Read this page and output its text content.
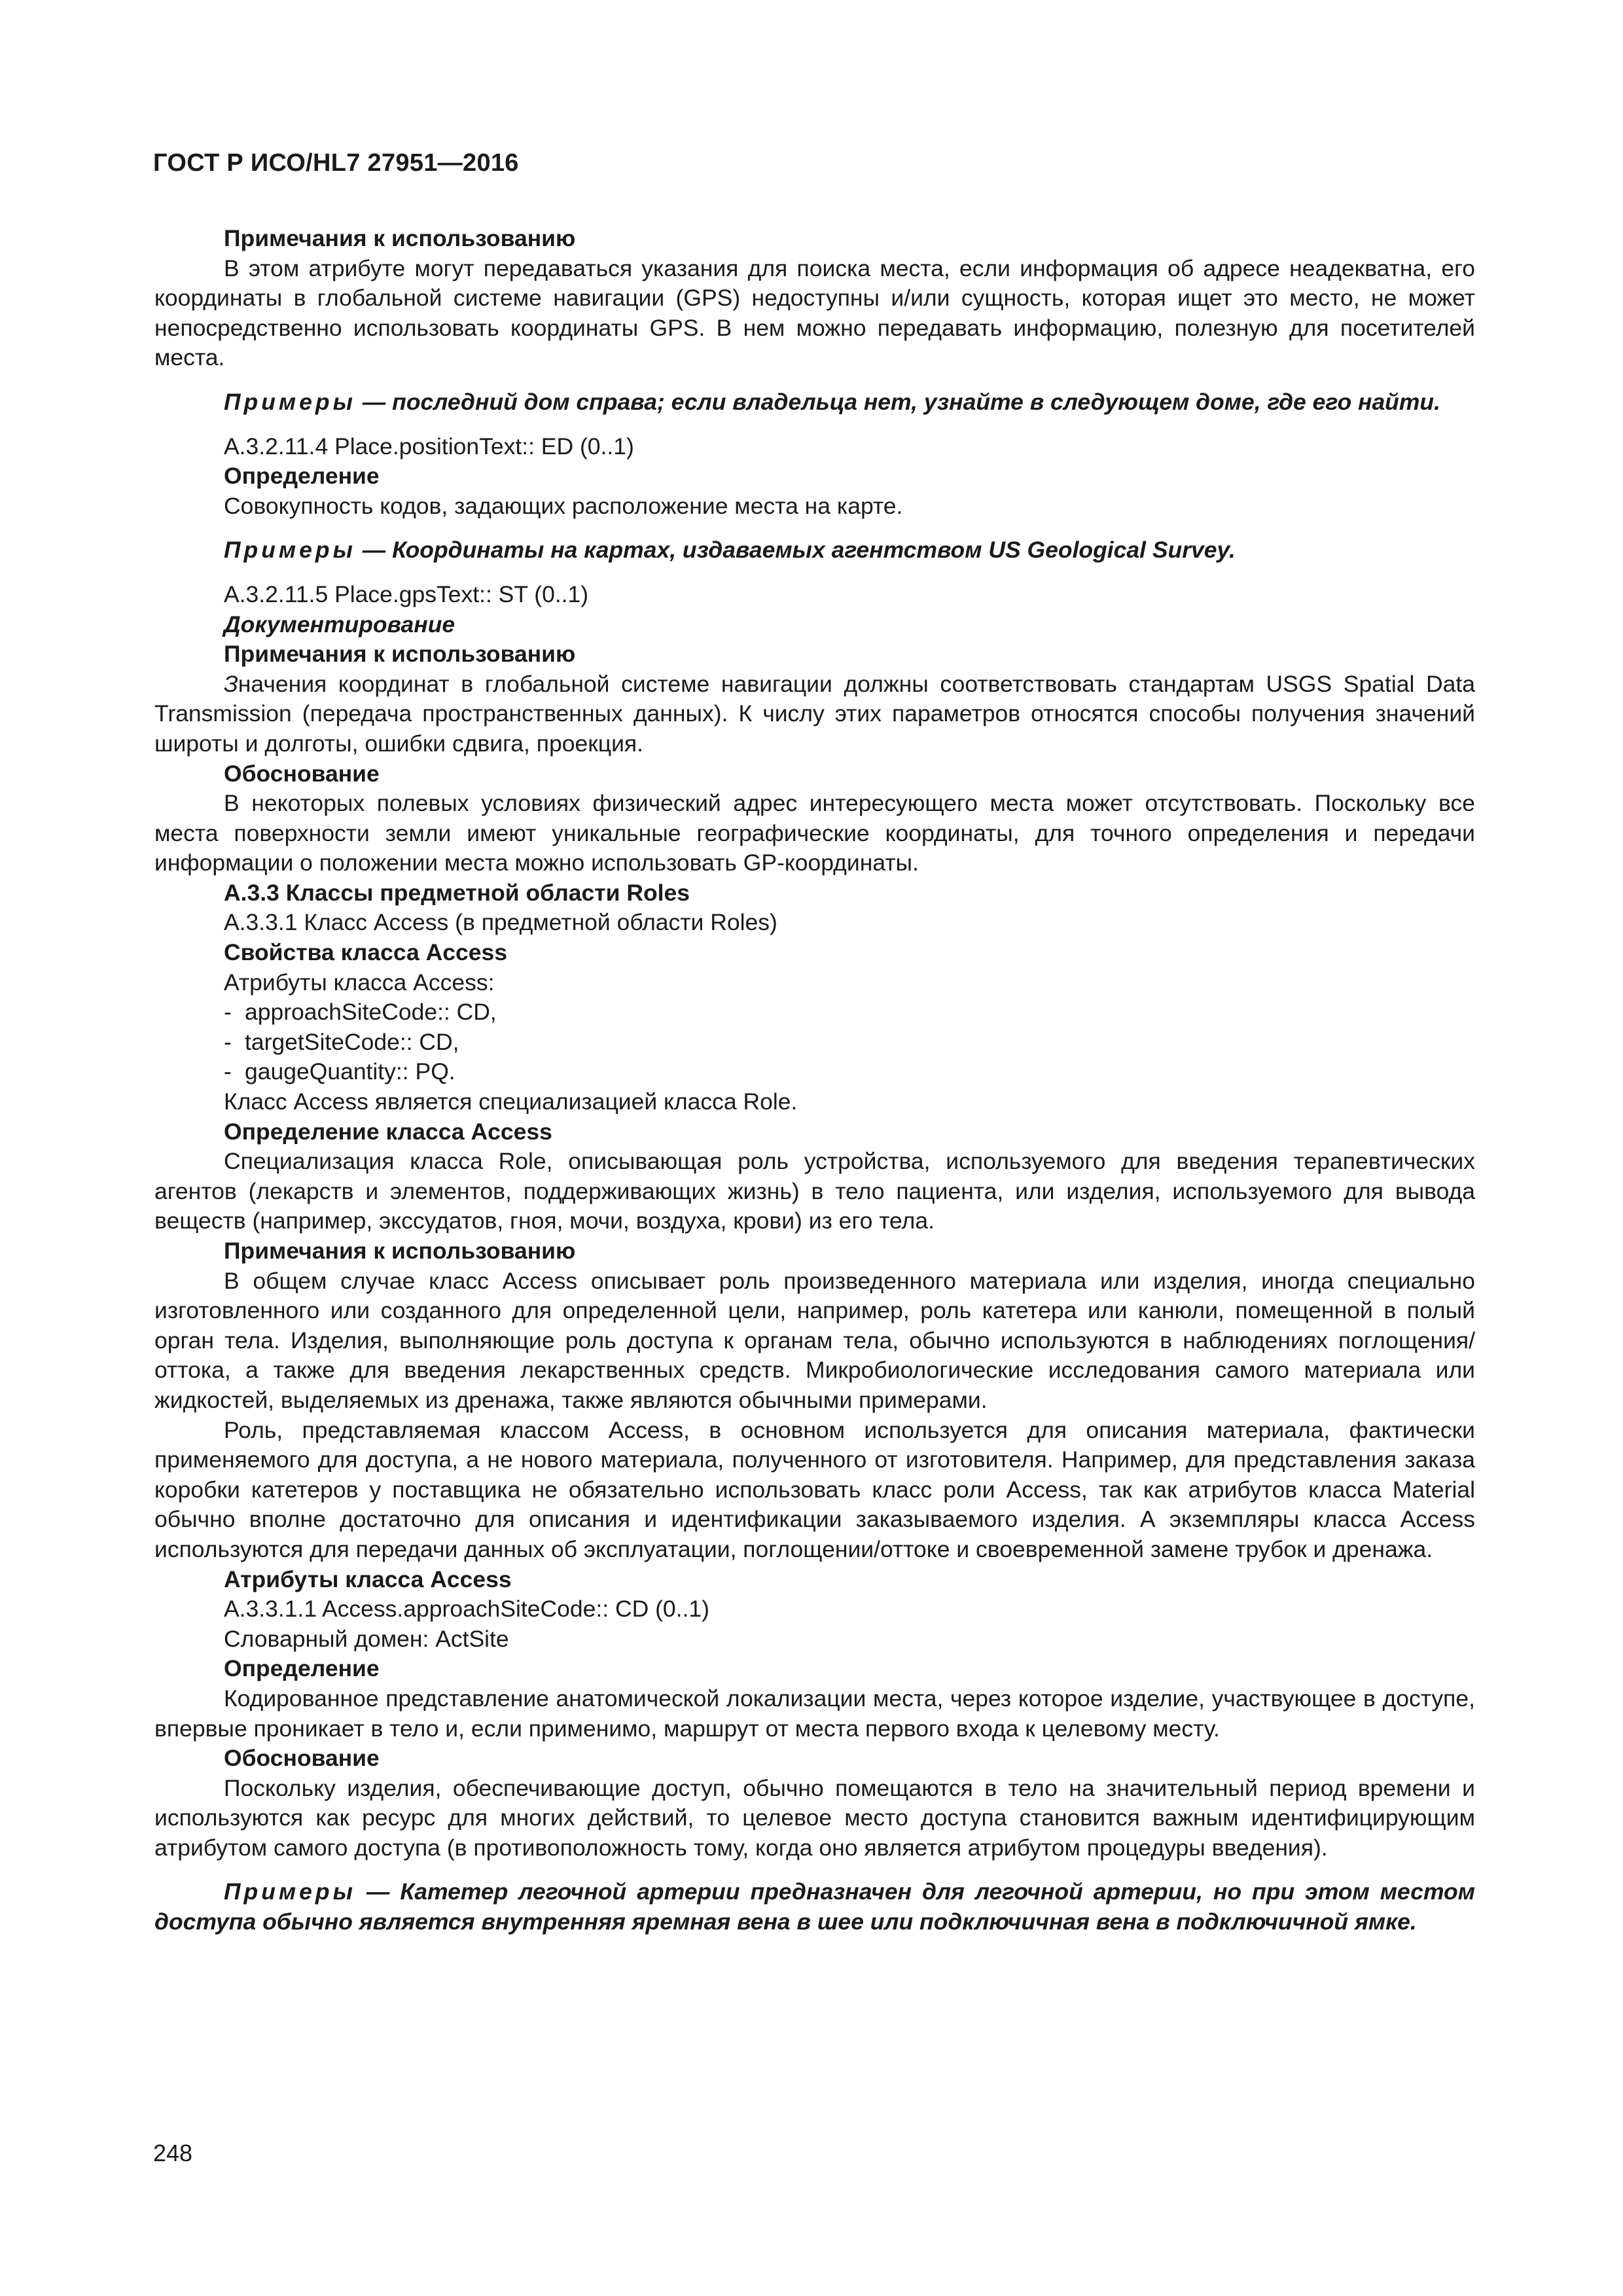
ГОСТ Р ИСО/HL7 27951—2016

Примечания к использованию

В этом атрибуте могут передаваться указания для поиска места, если информация об адресе неадекватна, его координаты в глобальной системе навигации (GPS) недоступны и/или сущность, которая ищет это место, не может непосредственно использовать координаты GPS. В нем можно передавать информацию, полезную для посетителей места.

Примеры — последний дом справа; если владельца нет, узнайте в следующем доме, где его найти.

A.3.2.11.4 Place.positionText:: ED (0..1)

Определение

Совокупность кодов, задающих расположение места на карте.

Примеры — Координаты на картах, издаваемых агентством US Geological Survey.

A.3.2.11.5 Place.gpsText:: ST (0..1)

Документирование

Примечания к использованию

Значения координат в глобальной системе навигации должны соответствовать стандартам USGS Spatial Data Transmission (передача пространственных данных). К числу этих параметров относятся способы получения значений широты и долготы, ошибки сдвига, проекция.

Обоснование

В некоторых полевых условиях физический адрес интересующего места может отсутствовать. Поскольку все места поверхности земли имеют уникальные географические координаты, для точного определения и передачи информации о положении места можно использовать GP-координаты.

A.3.3 Классы предметной области Roles

A.3.3.1 Класс Access (в предметной области Roles)

Свойства класса Access

Атрибуты класса Access:

- approachSiteCode:: CD,

- targetSiteCode:: CD,

- gaugeQuantity:: PQ.

Класс Access является специализацией класса Role.

Определение класса Access

Специализация класса Role, описывающая роль устройства, используемого для введения терапевтических агентов (лекарств и элементов, поддерживающих жизнь) в тело пациента, или изделия, используемого для вывода веществ (например, экссудатов, гноя, мочи, воздуха, крови) из его тела.

Примечания к использованию

В общем случае класс Access описывает роль произведенного материала или изделия, иногда специально изготовленного или созданного для определенной цели, например, роль катетера или канюли, помещенной в полый орган тела. Изделия, выполняющие роль доступа к органам тела, обычно используются в наблюдениях поглощения/оттока, а также для введения лекарственных средств. Микробиологические исследования самого материала или жидкостей, выделяемых из дренажа, также являются обычными примерами.

Роль, представляемая классом Access, в основном используется для описания материала, фактически применяемого для доступа, а не нового материала, полученного от изготовителя. Например, для представления заказа коробки катетеров у поставщика не обязательно использовать класс роли Access, так как атрибутов класса Material обычно вполне достаточно для описания и идентификации заказываемого изделия. А экземпляры класса Access используются для передачи данных об эксплуатации, поглощении/оттоке и своевременной замене трубок и дренажа.

Атрибуты класса Access

A.3.3.1.1 Access.approachSiteCode:: CD (0..1)

Словарный домен: ActSite

Определение

Кодированное представление анатомической локализации места, через которое изделие, участвующее в доступе, впервые проникает в тело и, если применимо, маршрут от места первого входа к целевому месту.

Обоснование

Поскольку изделия, обеспечивающие доступ, обычно помещаются в тело на значительный период времени и используются как ресурс для многих действий, то целевое место доступа становится важным идентифицирующим атрибутом самого доступа (в противоположность тому, когда оно является атрибутом процедуры введения).

Примеры — Катетер легочной артерии предназначен для легочной артерии, но при этом местом доступа обычно является внутренняя яремная вена в шее или подключичная вена в подключичной ямке.

248
